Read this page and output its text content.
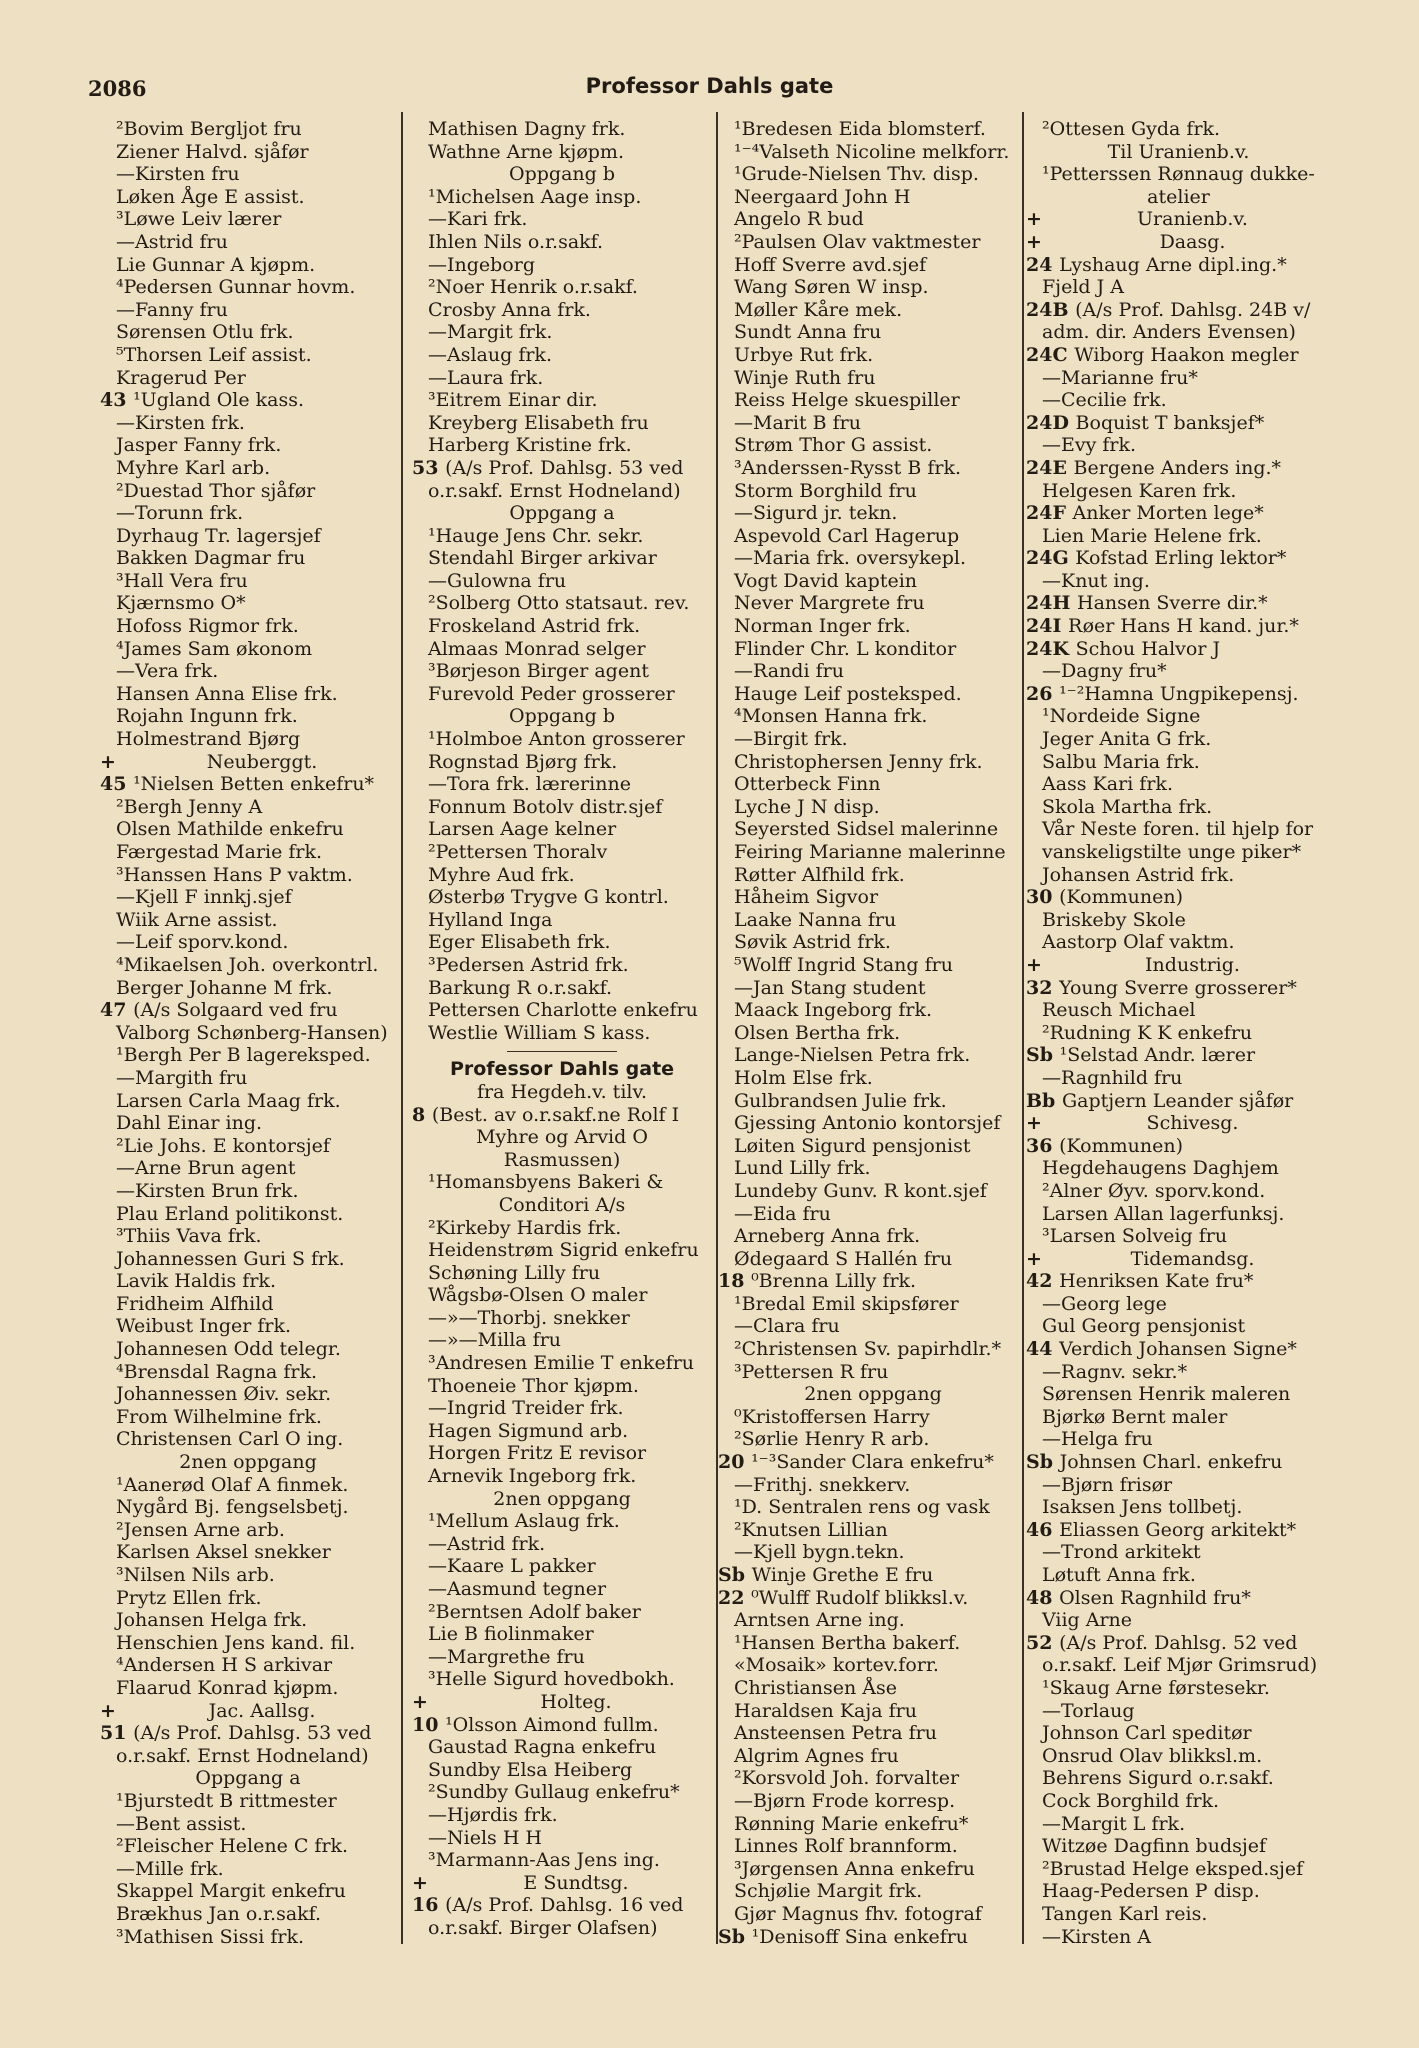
2086	Professor Dahls gate
²Bovim Bergljot fru
Ziener Halvd. sjåfør
—Kirsten fru
Løken Åge E assist.
³Løwe Leiv lærer
—Astrid fru
Lie Gunnar A kjøpm.
⁴Pedersen Gunnar hovm.
—Fanny fru
Sørensen Otlu frk.
⁵Thorsen Leif assist.
Kragerud Per
43 ¹Ugland Ole kass.
—Kirsten frk.
Jasper Fanny frk.
Myhre Karl arb.
²Duestad Thor sjåfør
—Torunn frk.
Dyrhaug Tr. lagersjef
Bakken Dagmar fru
³Hall Vera fru
Kjærnsmo O*
Hofoss Rigmor frk.
⁴James Sam økonom
—Vera frk.
Hansen Anna Elise frk.
Rojahn Ingunn frk.
Holmestrand Bjørg
+	Neuberggt.
45 ¹Nielsen Betten enkefru*
²Bergh Jenny A
Olsen Mathilde enkefru
Færgestad Marie frk.
³Hanssen Hans P vaktm.
—Kjell F innkj.sjef
Wiik Arne assist.
—Leif sporv.kond.
⁴Mikaelsen Joh. overkontrl.
Berger Johanne M frk.
47 (A/s Solgaard ved fru
Valborg Schønberg-Hansen)
¹Bergh Per B lagereksped.
—Margith fru
Larsen Carla Maag frk.
Dahl Einar ing.
²Lie Johs. E kontorsjef
—Arne Brun agent
—Kirsten Brun frk.
Plau Erland politikonst.
³Thiis Vava frk.
Johannessen Guri S frk.
Lavik Haldis frk.
Fridheim Alfhild
Weibust Inger frk.
Johannesen Odd telegr.
⁴Brensdal Ragna frk.
Johannessen Øiv. sekr.
From Wilhelmine frk.
Christensen Carl O ing.
2nen oppgang
¹Aanerød Olaf A finmek.
Nygård Bj. fengselsbetj.
²Jensen Arne arb.
Karlsen Aksel snekker
³Nilsen Nils arb.
Prytz Ellen frk.
Johansen Helga frk.
Henschien Jens kand. fil.
⁴Andersen H S arkivar
Flaarud Konrad kjøpm.
+	Jac. Aallsg.
51 (A/s Prof. Dahlsg. 53 ved
o.r.sakf. Ernst Hodneland)
Oppgang a
¹Bjurstedt B rittmester
—Bent assist.
²Fleischer Helene C frk.
—Mille frk.
Skappel Margit enkefru
Brækhus Jan o.r.sakf.
³Mathisen Sissi frk.
Mathisen Dagny frk.
Wathne Arne kjøpm.
Oppgang b
¹Michelsen Aage insp.
—Kari frk.
Ihlen Nils o.r.sakf.
—Ingeborg
²Noer Henrik o.r.sakf.
Crosby Anna frk.
—Margit frk.
—Aslaug frk.
—Laura frk.
³Eitrem Einar dir.
Kreyberg Elisabeth fru
Harberg Kristine frk.
53 (A/s Prof. Dahlsg. 53 ved
o.r.sakf. Ernst Hodneland)
Oppgang a
¹Hauge Jens Chr. sekr.
Stendahl Birger arkivar
—Gulowna fru
²Solberg Otto statsaut. rev.
Froskeland Astrid frk.
Almaas Monrad selger
³Børjeson Birger agent
Furevold Peder grosserer
Oppgang b
¹Holmboe Anton grosserer
Rognstad Bjørg frk.
—Tora frk. lærerinne
Fonnum Botolv distr.sjef
Larsen Aage kelner
²Pettersen Thoralv
Myhre Aud frk.
Østerbø Trygve G kontrl.
Hylland Inga
Eger Elisabeth frk.
³Pedersen Astrid frk.
Barkung R o.r.sakf.
Pettersen Charlotte enkefru
Westlie William S kass.
Professor Dahls gate
fra Hegdeh.v. tilv.
8 (Best. av o.r.sakf.ne Rolf I
Myhre og Arvid O
Rasmussen)
¹Homansbyens Bakeri &
Conditori A/s
²Kirkeby Hardis frk.
Heidenstrøm Sigrid enkefru
Schøning Lilly fru
Wågsbø-Olsen O maler
—»—Thorbj. snekker
—»—Milla fru
³Andresen Emilie T enkefru
Thoeneie Thor kjøpm.
—Ingrid Treider frk.
Hagen Sigmund arb.
Horgen Fritz E revisor
Arnevik Ingeborg frk.
2nen oppgang
¹Mellum Aslaug frk.
—Astrid frk.
—Kaare L pakker
—Aasmund tegner
²Berntsen Adolf baker
Lie B fiolinmaker
—Margrethe fru
³Helle Sigurd hovedbokh.
+	Holteg.
10 ¹Olsson Aimond fullm.
Gaustad Ragna enkefru
Sundby Elsa Heiberg
²Sundby Gullaug enkefru*
—Hjørdis frk.
—Niels H H
³Marmann-Aas Jens ing.
+	E Sundtsg.
16 (A/s Prof. Dahlsg. 16 ved
o.r.sakf. Birger Olafsen)
¹Bredesen Eida blomsterf.
¹⁻⁴Valseth Nicoline melkforr.
¹Grude-Nielsen Thv. disp.
Neergaard John H
Angelo R bud
²Paulsen Olav vaktmester
Hoff Sverre avd.sjef
Wang Søren W insp.
Møller Kåre mek.
Sundt Anna fru
Urbye Rut frk.
Winje Ruth fru
Reiss Helge skuespiller
—Marit B fru
Strøm Thor G assist.
³Anderssen-Rysst B frk.
Storm Borghild fru
—Sigurd jr. tekn.
Aspevold Carl Hagerup
—Maria frk. oversykepl.
Vogt David kaptein
Never Margrete fru
Norman Inger frk.
Flinder Chr. L konditor
—Randi fru
Hauge Leif posteksped.
⁴Monsen Hanna frk.
—Birgit frk.
Christophersen Jenny frk.
Otterbeck Finn
Lyche J N disp.
Seyersted Sidsel malerinne
Feiring Marianne malerinne
Røtter Alfhild frk.
Håheim Sigvor
Laake Nanna fru
Søvik Astrid frk.
⁵Wolff Ingrid Stang fru
—Jan Stang student
Maack Ingeborg frk.
Olsen Bertha frk.
Lange-Nielsen Petra frk.
Holm Else frk.
Gulbrandsen Julie frk.
Gjessing Antonio kontorsjef
Løiten Sigurd pensjonist
Lund Lilly frk.
Lundeby Gunv. R kont.sjef
—Eida fru
Arneberg Anna frk.
Ødegaard S Hallén fru
18 ⁰Brenna Lilly frk.
¹Bredal Emil skipsfører
—Clara fru
²Christensen Sv. papirhdlr.*
³Pettersen R fru
2nen oppgang
⁰Kristoffersen Harry
²Sørlie Henry R arb.
20 ¹⁻³Sander Clara enkefru*
—Frithj. snekkerv.
¹D. Sentralen rens og vask
²Knutsen Lillian
—Kjell bygn.tekn.
Sb Winje Grethe E fru
22 ⁰Wulff Rudolf blikksl.v.
Arntsen Arne ing.
¹Hansen Bertha bakerf.
«Mosaik» kortev.forr.
Christiansen Åse
Haraldsen Kaja fru
Ansteensen Petra fru
Algrim Agnes fru
²Korsvold Joh. forvalter
—Bjørn Frode korresp.
Rønning Marie enkefru*
Linnes Rolf brannform.
³Jørgensen Anna enkefru
Schjølie Margit frk.
Gjør Magnus fhv. fotograf
Sb ¹Denisoff Sina enkefru
²Ottesen Gyda frk.
Til Uranienb.v.
¹Petterssen Rønnaug dukke-
atelier
+	Uranienb.v.
+	Daasg.
24 Lyshaug Arne dipl.ing.*
Fjeld J A
24B (A/s Prof. Dahlsg. 24B v/
adm. dir. Anders Evensen)
24C Wiborg Haakon megler
—Marianne fru*
—Cecilie frk.
24D Boquist T banksjef*
—Evy frk.
24E Bergene Anders ing.*
Helgesen Karen frk.
24F Anker Morten lege*
Lien Marie Helene frk.
24G Kofstad Erling lektor*
—Knut ing.
24H Hansen Sverre dir.*
24I Røer Hans H kand. jur.*
24K Schou Halvor J
—Dagny fru*
26 ¹⁻²Hamna Ungpikepensj.
¹Nordeide Signe
Jeger Anita G frk.
Salbu Maria frk.
Aass Kari frk.
Skola Martha frk.
Vår Neste foren. til hjelp for
vanskeligstilte unge piker*
Johansen Astrid frk.
30 (Kommunen)
Briskeby Skole
Aastorp Olaf vaktm.
+	Industrig.
32 Young Sverre grosserer*
Reusch Michael
²Rudning K K enkefru
Sb ¹Selstad Andr. lærer
—Ragnhild fru
Bb Gaptjern Leander sjåfør
+	Schivesg.
36 (Kommunen)
Hegdehaugens Daghjem
²Alner Øyv. sporv.kond.
Larsen Allan lagerfunksj.
³Larsen Solveig fru
+	Tidemandsg.
42 Henriksen Kate fru*
—Georg lege
Gul Georg pensjonist
44 Verdich Johansen Signe*
—Ragnv. sekr.*
Sørensen Henrik maleren
Bjørkø Bernt maler
—Helga fru
Sb Johnsen Charl. enkefru
—Bjørn frisør
Isaksen Jens tollbetj.
46 Eliassen Georg arkitekt*
—Trond arkitekt
Løtuft Anna frk.
48 Olsen Ragnhild fru*
Viig Arne
52 (A/s Prof. Dahlsg. 52 ved
o.r.sakf. Leif Mjør Grimsrud)
¹Skaug Arne førstesekr.
—Torlaug
Johnson Carl speditør
Onsrud Olav blikksl.m.
Behrens Sigurd o.r.sakf.
Cock Borghild frk.
—Margit L frk.
Witzøe Dagfinn budsjef
²Brustad Helge eksped.sjef
Haag-Pedersen P disp.
Tangen Karl reis.
—Kirsten A
